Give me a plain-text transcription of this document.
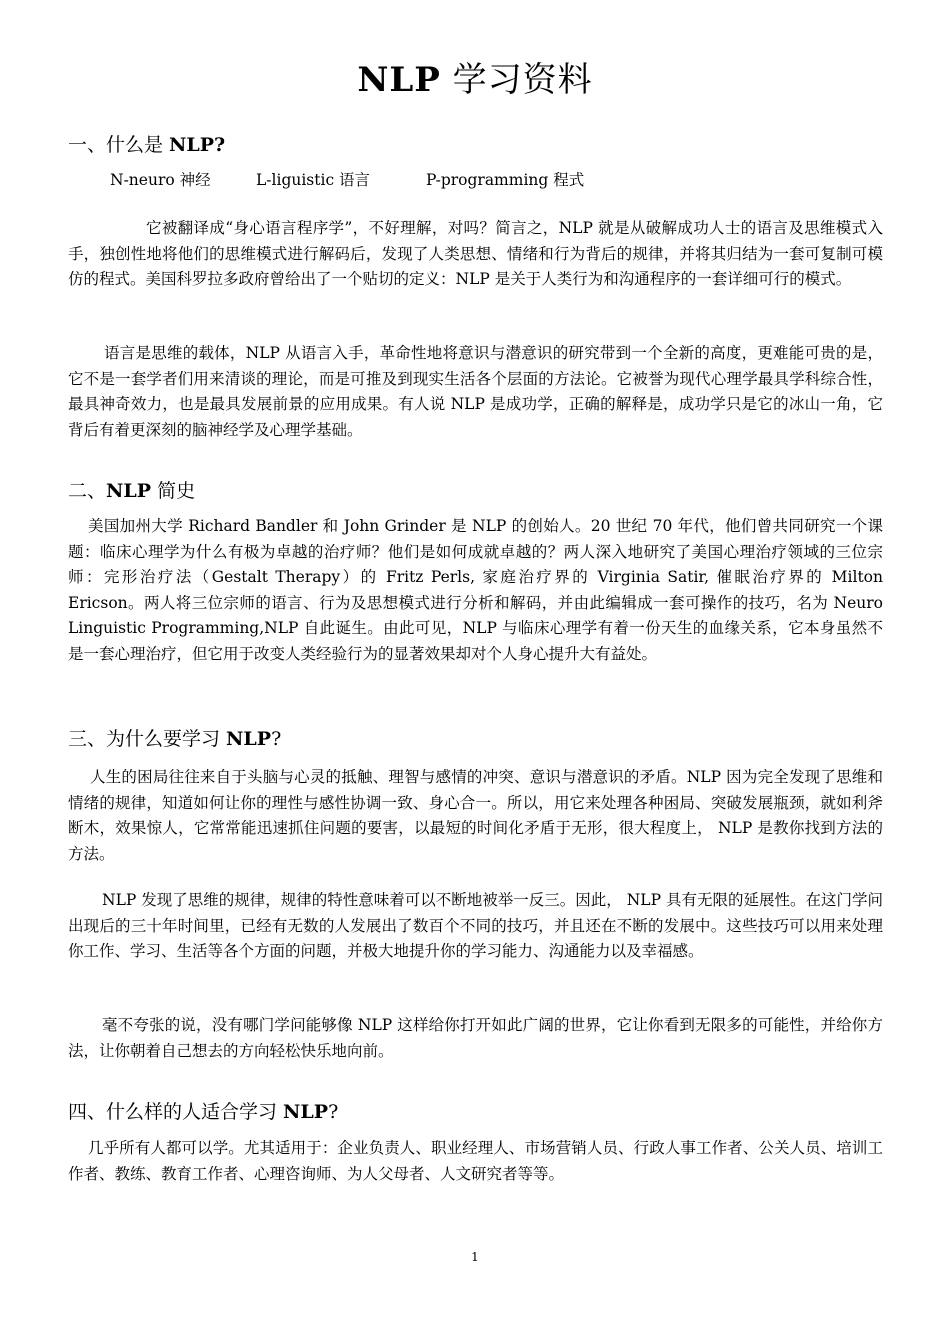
NLP 学习资料
一、什么是 NLP?
N-neuro 神经	L-liguistic 语言	P-programming 程式

它被翻译成“身心语言程序学”，不好理解，对吗？简言之，NLP 就是从破解成功人士的语言及思维模式入手，独创性地将他们的思维模式进行解码后，发现了人类思想、情绪和行为背后的规律，并将其归结为一套可复制可模仿的程式。美国科罗拉多政府曾给出了一个贴切的定义：NLP 是关于人类行为和沟通程序的一套详细可行的模式。

语言是思维的载体，NLP 从语言入手，革命性地将意识与潜意识的研究带到一个全新的高度，更难能可贵的是，它不是一套学者们用来清谈的理论，而是可推及到现实生活各个层面的方法论。它被誉为现代心理学最具学科综合性，最具神奇效力，也是最具发展前景的应用成果。有人说 NLP 是成功学，正确的解释是，成功学只是它的冰山一角，它背后有着更深刻的脑神经学及心理学基础。

二、NLP 简史

美国加州大学 Richard Bandler 和 John Grinder 是 NLP 的创始人。20 世纪 70 年代，他们曾共同研究一个课题：临床心理学为什么有极为卓越的治疗师？他们是如何成就卓越的？两人深入地研究了美国心理治疗领域的三位宗师：完形治疗法（Gestalt Therapy）的 Fritz Perls, 家庭治疗界的 Virginia Satir, 催眠治疗界的 Milton Ericson。两人将三位宗师的语言、行为及思想模式进行分析和解码，并由此编辑成一套可操作的技巧，名为 Neuro Linguistic Programming,NLP 自此诞生。由此可见，NLP 与临床心理学有着一份天生的血缘关系，它本身虽然不是一套心理治疗，但它用于改变人类经验行为的显著效果却对个人身心提升大有益处。

三、为什么要学习 NLP?

人生的困局往往来自于头脑与心灵的抵触、理智与感情的冲突、意识与潜意识的矛盾。NLP 因为完全发现了思维和情绪的规律，知道如何让你的理性与感性协调一致、身心合一。所以，用它来处理各种困局、突破发展瓶颈，就如利斧断木，效果惊人，它常常能迅速抓住问题的要害，以最短的时间化矛盾于无形，很大程度上， NLP 是教你找到方法的方法。

NLP 发现了思维的规律，规律的特性意味着可以不断地被举一反三。因此， NLP 具有无限的延展性。在这门学问出现后的三十年时间里，已经有无数的人发展出了数百个不同的技巧，并且还在不断的发展中。这些技巧可以用来处理你工作、学习、生活等各个方面的问题，并极大地提升你的学习能力、沟通能力以及幸福感。

毫不夸张的说，没有哪门学问能够像 NLP 这样给你打开如此广阔的世界，它让你看到无限多的可能性，并给你方法，让你朝着自己想去的方向轻松快乐地向前。

四、什么样的人适合学习 NLP?

几乎所有人都可以学。尤其适用于：企业负责人、职业经理人、市场营销人员、行政人事工作者、公关人员、培训工作者、教练、教育工作者、心理咨询师、为人父母者、人文研究者等等。

1
